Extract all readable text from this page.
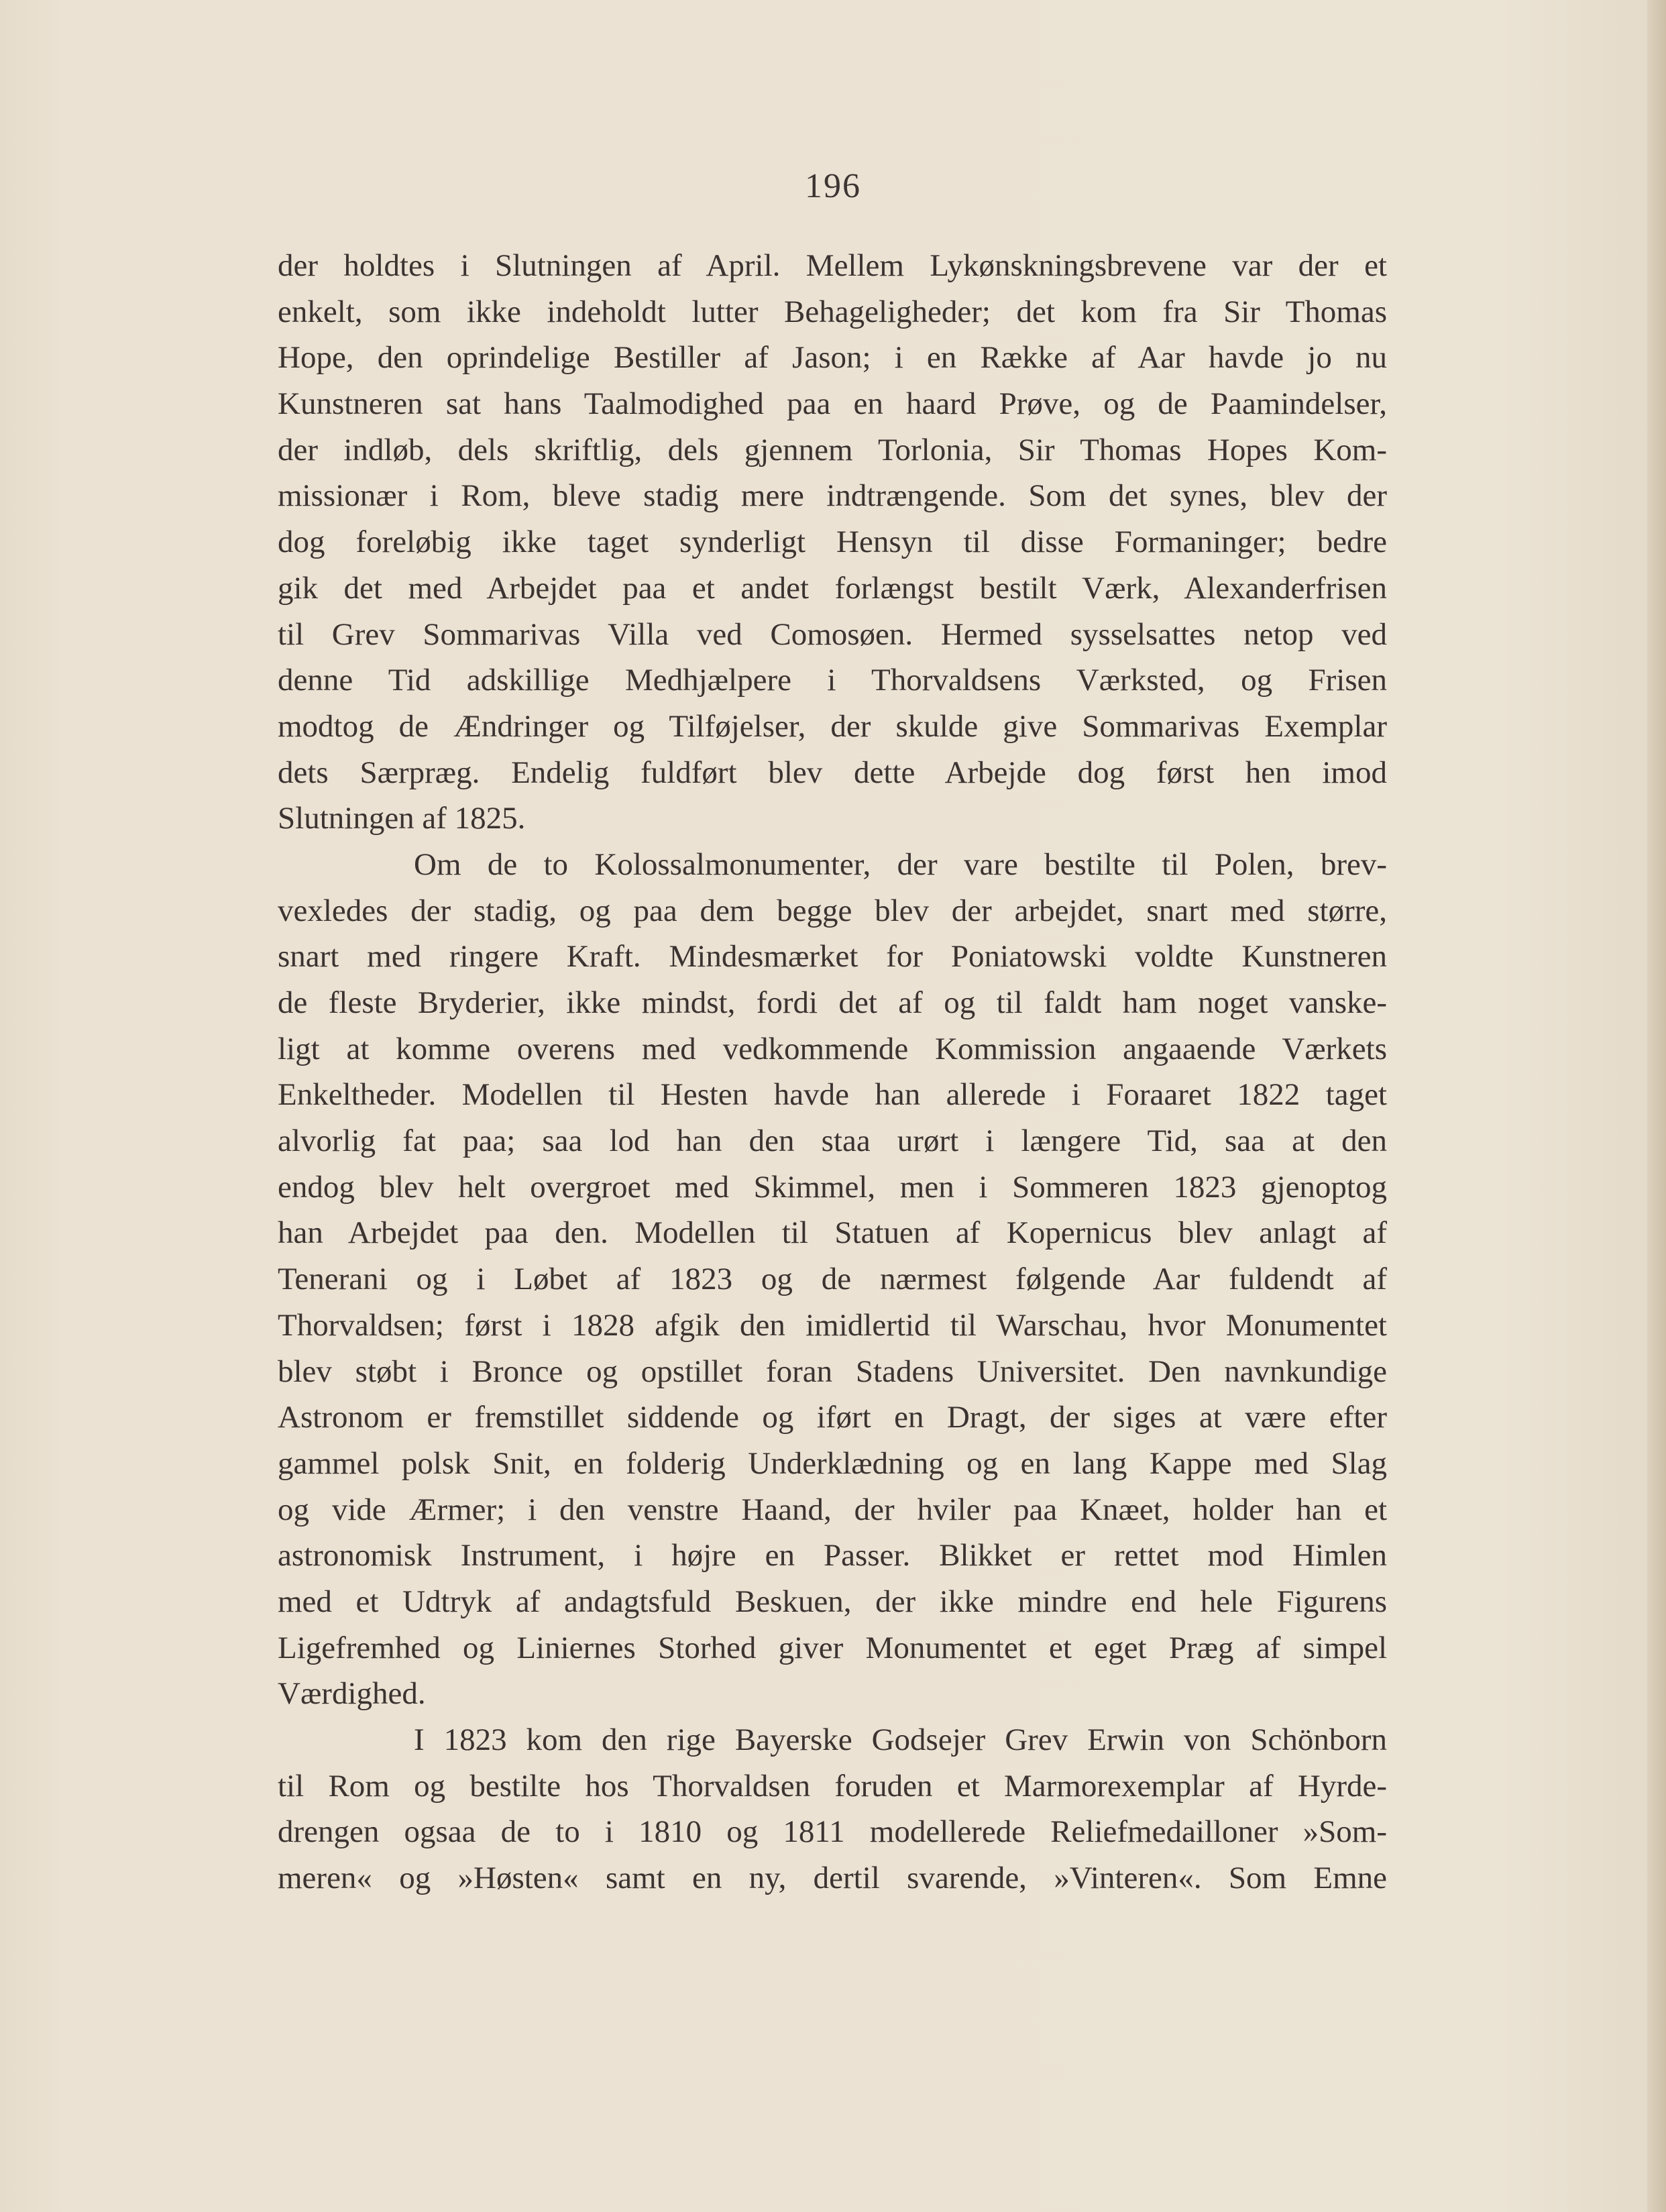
196
der holdtes i Slutningen af April. Mellem Lykønskningsbrevene var der et
enkelt, som ikke indeholdt lutter Behageligheder; det kom fra Sir Thomas
Hope, den oprindelige Bestiller af Jason; i en Række af Aar havde jo nu
Kunstneren sat hans Taalmodighed paa en haard Prøve, og de Paamindelser,
der indløb, dels skriftlig, dels gjennem Torlonia, Sir Thomas Hopes Kom-
missionær i Rom, bleve stadig mere indtrængende. Som det synes, blev der
dog foreløbig ikke taget synderligt Hensyn til disse Formaninger; bedre
gik det med Arbejdet paa et andet forlængst bestilt Værk, Alexanderfrisen
til Grev Sommarivas Villa ved Comosøen. Hermed sysselsattes netop ved
denne Tid adskillige Medhjælpere i Thorvaldsens Værksted, og Frisen
modtog de Ændringer og Tilføjelser, der skulde give Sommarivas Exemplar
dets Særpræg. Endelig fuldført blev dette Arbejde dog først hen imod
Slutningen af 1825.
Om de to Kolossalmonumenter, der vare bestilte til Polen, brev-
vexledes der stadig, og paa dem begge blev der arbejdet, snart med større,
snart med ringere Kraft. Mindesmærket for Poniatowski voldte Kunstneren
de fleste Bryderier, ikke mindst, fordi det af og til faldt ham noget vanske-
ligt at komme overens med vedkommende Kommission angaaende Værkets
Enkeltheder. Modellen til Hesten havde han allerede i Foraaret 1822 taget
alvorlig fat paa; saa lod han den staa urørt i længere Tid, saa at den
endog blev helt overgroet med Skimmel, men i Sommeren 1823 gjenoptog
han Arbejdet paa den. Modellen til Statuen af Kopernicus blev anlagt af
Tenerani og i Løbet af 1823 og de nærmest følgende Aar fuldendt af
Thorvaldsen; først i 1828 afgik den imidlertid til Warschau, hvor Monumentet
blev støbt i Bronce og opstillet foran Stadens Universitet. Den navnkundige
Astronom er fremstillet siddende og iført en Dragt, der siges at være efter
gammel polsk Snit, en folderig Underklædning og en lang Kappe med Slag
og vide Ærmer; i den venstre Haand, der hviler paa Knæet, holder han et
astronomisk Instrument, i højre en Passer. Blikket er rettet mod Himlen
med et Udtryk af andagtsfuld Beskuen, der ikke mindre end hele Figurens
Ligefremhed og Liniernes Storhed giver Monumentet et eget Præg af simpel
Værdighed.
I 1823 kom den rige Bayerske Godsejer Grev Erwin von Schönborn
til Rom og bestilte hos Thorvaldsen foruden et Marmorexemplar af Hyrde-
drengen ogsaa de to i 1810 og 1811 modellerede Reliefmedailloner »Som-
meren« og »Høsten« samt en ny, dertil svarende, »Vinteren«. Som Emne
